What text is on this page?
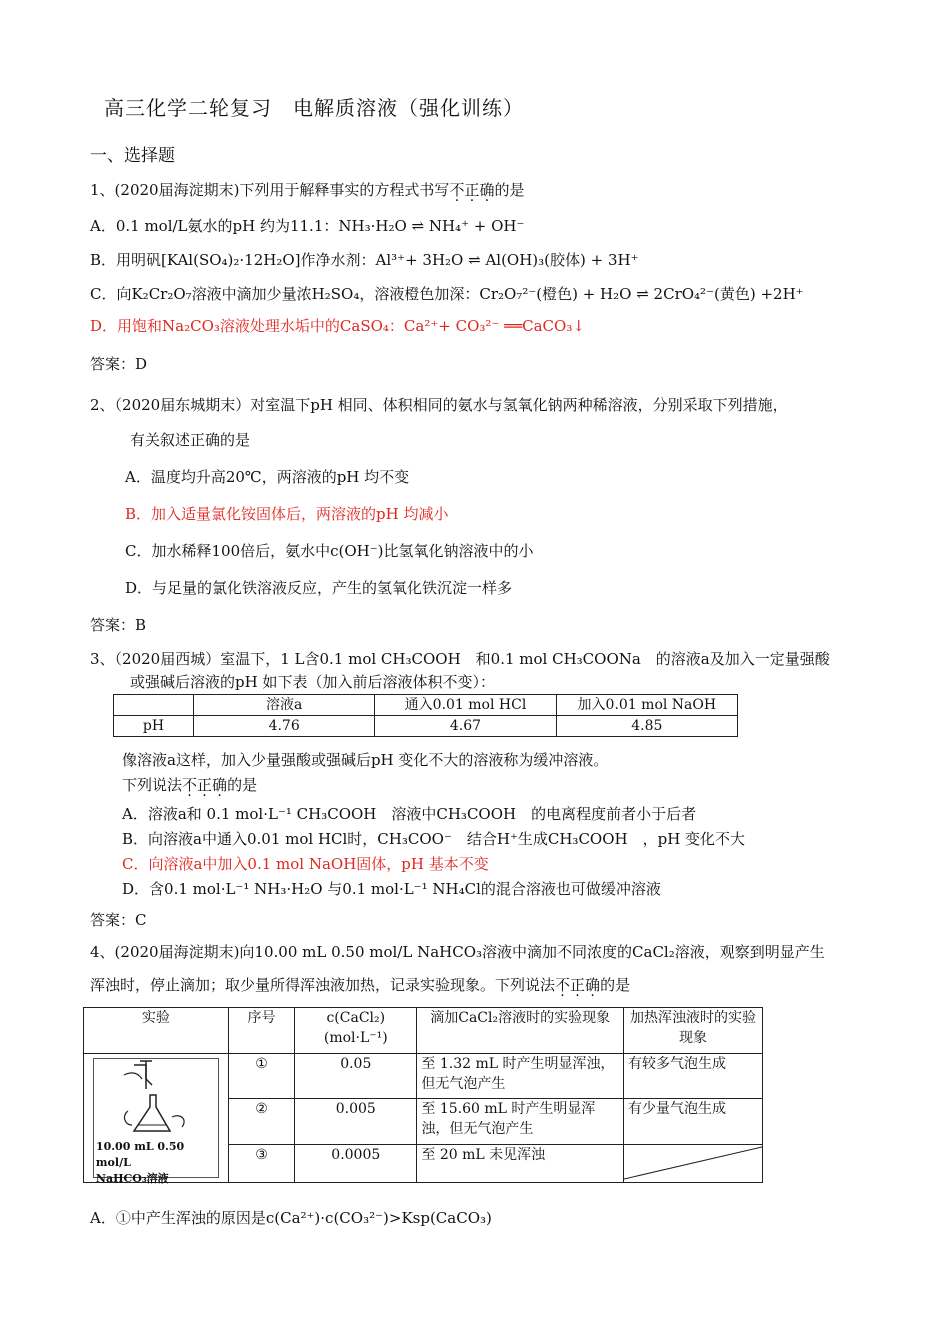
高三化学二轮复习　电解质溶液（强化训练）
一、选择题
1、(2020届海淀期末)下列用于解释事实的方程式书写不正确的是
A．0.1 mol/L氨水的pH 约为11.1：NH₃·H₂O ⇌ NH₄⁺ + OH⁻
B．用明矾[KAl(SO₄)₂·12H₂O]作净水剂：Al³⁺+ 3H₂O ⇌ Al(OH)₃(胶体) + 3H⁺
C．向K₂Cr₂O₇溶液中滴加少量浓H₂SO₄，溶液橙色加深：Cr₂O₇²⁻(橙色) + H₂O ⇌ 2CrO₄²⁻(黄色) +2H⁺
D．用饱和Na₂CO₃溶液处理水垢中的CaSO₄：Ca²⁺+ CO₃²⁻ ══CaCO₃↓
答案：D
2、（2020届东城期末）对室温下pH 相同、体积相同的氨水与氢氧化钠两种稀溶液，分别采取下列措施，
有关叙述正确的是
A．温度均升高20℃，两溶液的pH 均不变
B．加入适量氯化铵固体后，两溶液的pH 均减小
C．加水稀释100倍后，氨水中c(OH⁻)比氢氧化钠溶液中的小
D．与足量的氯化铁溶液反应，产生的氢氧化铁沉淀一样多
答案：B
3、（2020届西城）室温下，1 L含0.1 mol CH₃COOH　和0.1 mol CH₃COONa　的溶液a及加入一定量强酸
或强碱后溶液的pH 如下表（加入前后溶液体积不变）：
	溶液a	通入0.01 mol HCl	加入0.01 mol NaOH
pH	4.76	4.67	4.85
像溶液a这样，加入少量强酸或强碱后pH 变化不大的溶液称为缓冲溶液。
下列说法不正确的是
A．溶液a和 0.1 mol·L⁻¹ CH₃COOH　溶液中CH₃COOH　的电离程度前者小于后者
B．向溶液a中通入0.01 mol HCl时，CH₃COO⁻　结合H⁺生成CH₃COOH　，pH 变化不大
C．向溶液a中加入0.1 mol NaOH固体，pH 基本不变
D．含0.1 mol·L⁻¹ NH₃·H₂O 与0.1 mol·L⁻¹ NH₄Cl的混合溶液也可做缓冲溶液
答案：C
4、(2020届海淀期末)向10.00 mL 0.50 mol/L NaHCO₃溶液中滴加不同浓度的CaCl₂溶液，观察到明显产生
浑浊时，停止滴加；取少量所得浑浊液加热，记录实验现象。下列说法不正确的是
实验	序号	c(CaCl₂)(mol·L⁻¹)	滴加CaCl₂溶液时的实验现象	加热浑浊液时的实验现象

10.00 mL 0.50 mol/L
NaHCO₃溶液	①	0.05	至 1.32 mL 时产生明显浑浊，但无气泡产生	有较多气泡生成
	②	0.005	至 15.60 mL 时产生明显浑浊，但无气泡产生	有少量气泡生成
	③	0.0005	至 20 mL 未见浑浊	
A．①中产生浑浊的原因是c(Ca²⁺)·c(CO₃²⁻)>Ksp(CaCO₃)
